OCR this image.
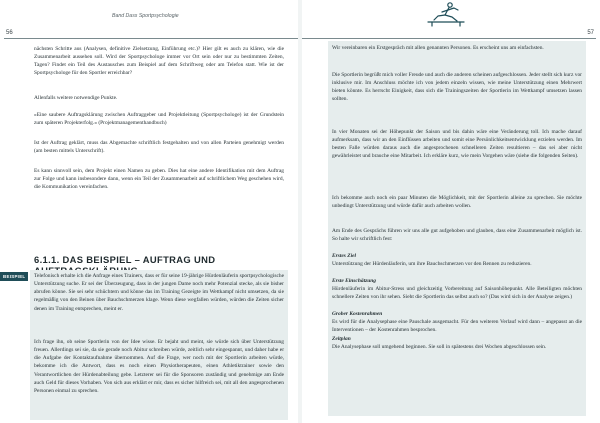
Band Dass Sportpsychologie
56

nächsten Schritte aus (Analysen, definitive Zielsetzung, Einführung etc.)? Hier gilt es auch zu klären, wie die Zusammenarbeit aussehen soll. Wird der Sportpsychologe immer vor Ort sein oder nur zu bestimmten Zeiten, Tagen? Findet ein Teil des Austausches zum Beispiel auf dem Schriftweg oder am Telefon statt. Wie ist der Sportpsychologe für den Sportler erreichbar?

Allenfalls weitere notwendige Punkte.

»Eine saubere Auftragsklärung zwischen Auftraggeber und Projektleitung (Sportpsychologe) ist der Grundstein zum späteren Projekterfolg.« (Projektmanagementhandbuch)

Ist der Auftrag geklärt, muss das Abgemachte schriftlich festgehalten und von allen Parteien genehmigt werden (am besten mittels Unterschrift).

Es kann sinnvoll sein, dem Projekt einen Namen zu geben. Dies hat eine andere Identifikation mit dem Auftrag zur Folge und kann insbesondere dann, wenn ein Teil der Zusammenarbeit auf schriftlichem Weg geschehen wird, die Kommunikation vereinfachen.

6.1.1. DAS BEISPIEL – AUFTRAG UND
BEISPIEL	Telefonisch erhalte ich die Anfrage eines Trainers, dass er für seine 19-jährige Hürdenläuferin sportpsychologische Unterstützung suche. Er sei der Überzeugung, dass in der jungen Dame noch mehr Potenzial stecke, als sie bisher abrufen könne. Sie sei sehr schüchtern und könne das im Training Gezeigte im Wettkampf nicht umsetzen, da sie regelmäßig von den Beinen über Bauchschmerzen klage. Wenn diese wegfallen würden, würden die Zeiten sicher denen im Training entsprechen, meint er.

Ich frage ihn, ob seine Sportlerin von der Idee wisse. Er bejaht und meint, sie würde sich über Unterstützung freuen. Allerdings sei sie, da sie gerade noch Abitur schreiben würde, zeitlich sehr eingespannt, und daher habe er die Aufgabe der Kontaktaufnahme übernommen. Auf die Frage, wer noch mit der Sportlerin arbeiten würde, bekomme ich die Antwort, dass es noch einen Physiotherapeuten, einen Athletiktrainer sowie den Verantwortlichen der Hürdenabteilung gebe. Letzterer sei für die Sponsoren zuständig und genehmige am Ende auch Geld für dieses Vorhaben. Von sich aus erklärt er mir, dass es sicher hilfreich sei, mit all den angesprochenen Personen einmal zu sprechen.

57

Wir vereinbaren ein Erstgespräch mit allen genannten Personen. Es erscheint uns am einfachsten.

Die Sportlerin begrüßt mich voller Freude und auch die anderen scheinen aufgeschlossen. Jeder stellt sich kurz vor inklusive mir. Im Anschluss möchte ich von jedem einzeln wissen, wie meine Unterstützung einen Mehrwert bieten könnte. Es herrscht Einigkeit, dass sich die Trainingszeiten der Sportlerin im Wettkampf umsetzen lassen sollten.

In vier Monaten sei der Höhepunkt der Saison und bis dahin wäre eine Veränderung toll. Ich mache darauf aufmerksam, dass wir an den Einflüssen arbeiten und somit eine Persönlichkeitsentwicklung erzielen werden. Im besten Falle würden daraus auch die angesprochenen schnelleren Zeiten resultieren – das sei aber nicht gewährleistet und brauche eine Mitarbeit. Ich erkläre kurz, wie mein Vorgehen wäre (siehe die folgenden Seiten).

Ich bekomme auch noch ein paar Minuten die Möglichkeit, mit der Sportlerin alleine zu sprechen. Sie möchte unbedingt Unterstützung und würde dafür auch arbeiten wollen.

Am Ende des Gesprächs führen wir uns alle gut aufgehoben und glauben, dass eine Zusammenarbeit möglich ist. So halte wir schriftlich fest:

Erstes Ziel

Unterstützung der Hürdenläuferin, um ihre Bauchschmerzen vor den Rennen zu reduzieren.

Erste Einschätzung

Hürdenläuferin im Abitur-Stress und gleichzeitig Vorbereitung auf Saisonhöhepunkt. Alle Beteiligten möchten schnellere Zeiten von ihr sehen. Sieht die Sportlerin das selbst auch so? (Das wird sich in der Analyse zeigen.)

Grober Kostenrahmen

Es wird für die Analysephase eine Pauschale ausgemacht. Für den weiteren Verlauf wird dann – angepasst an die Interventionen – der Kostenrahmen besprochen.

Zeitplan

Die Analysephase soll umgehend beginnen. Sie soll in spätestens drei Wochen abgeschlossen sein.
